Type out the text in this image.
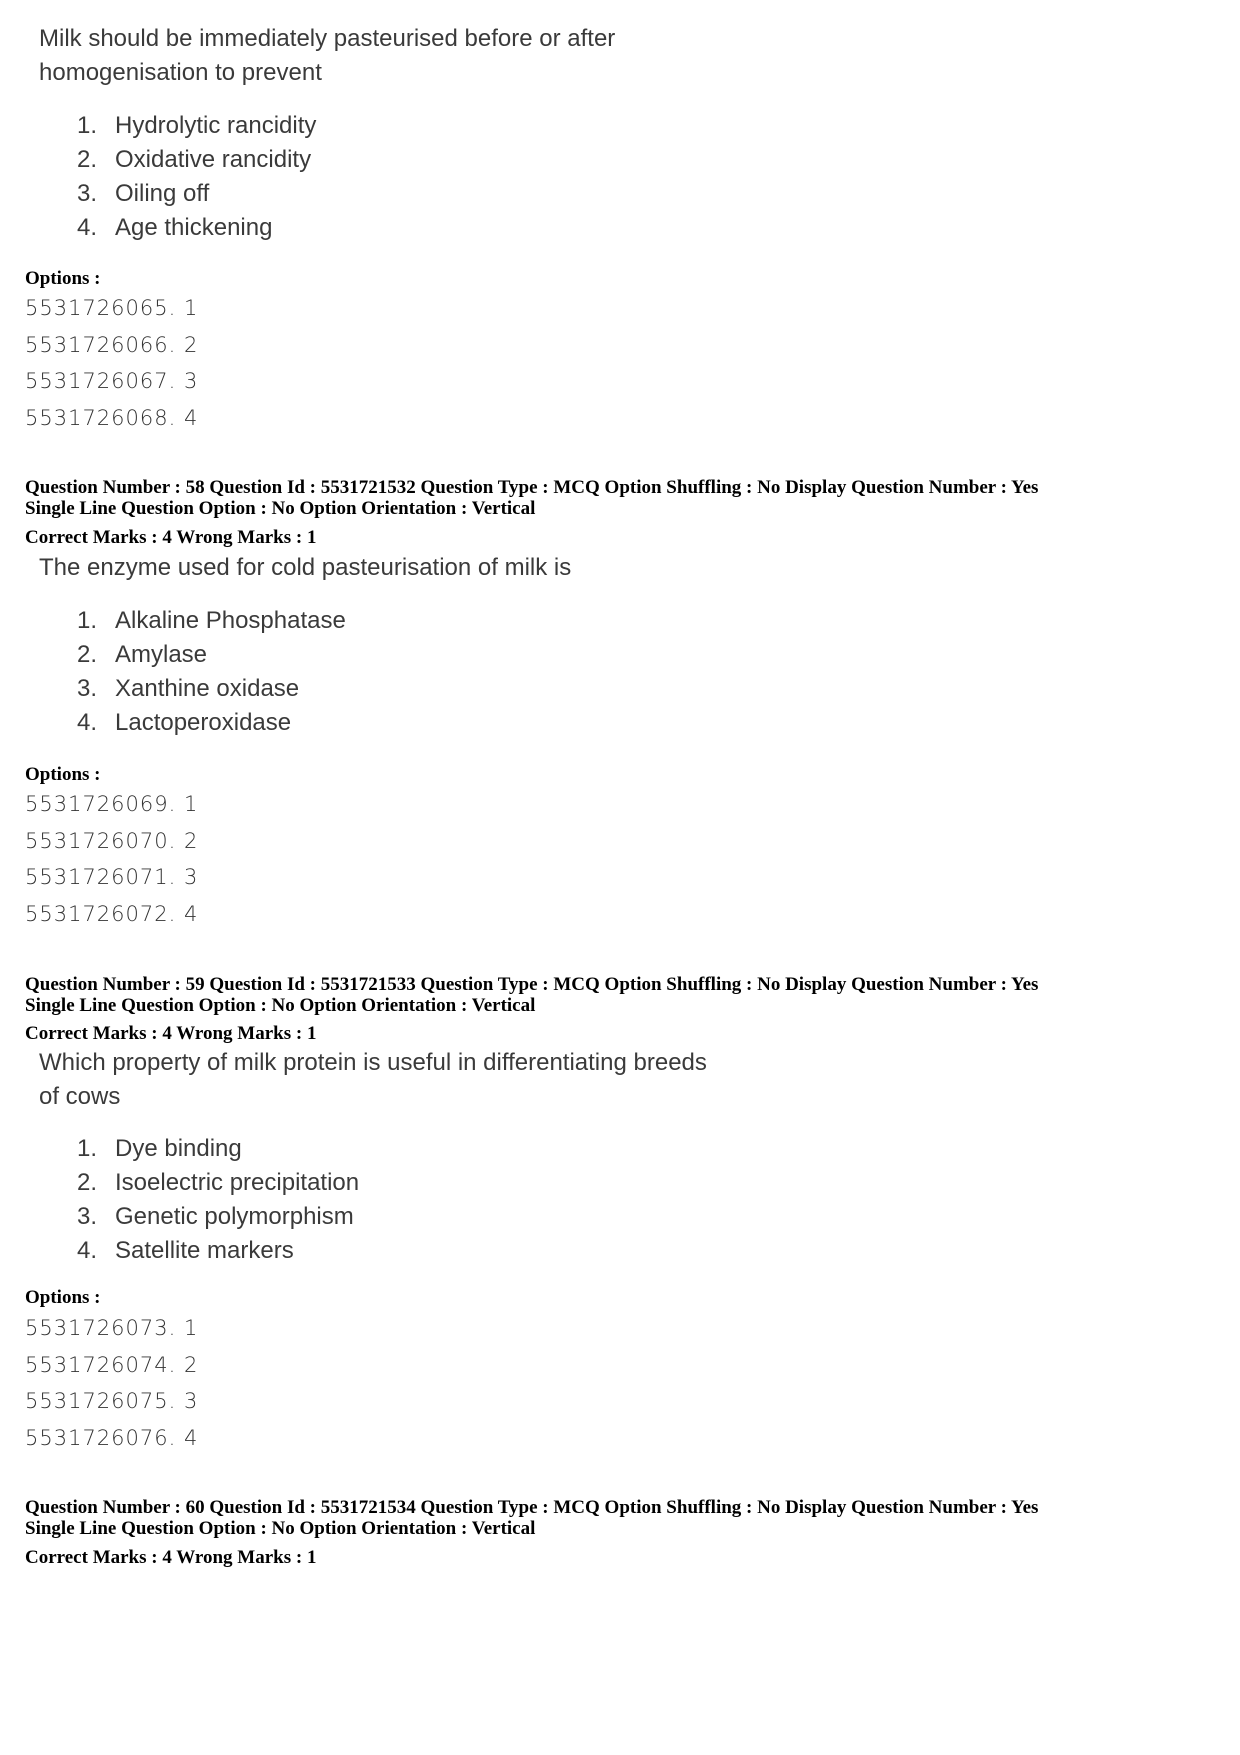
Milk should be immediately pasteurised before or after
homogenisation to prevent
1. Hydrolytic rancidity
2. Oxidative rancidity
3. Oiling off
4. Age thickening
Options :
5531726065. 1
5531726066. 2
5531726067. 3
5531726068. 4
Question Number : 58 Question Id : 5531721532 Question Type : MCQ Option Shuffling : No Display Question Number : Yes
Single Line Question Option : No Option Orientation : Vertical
Correct Marks : 4 Wrong Marks : 1
The enzyme used for cold pasteurisation of milk is
1. Alkaline Phosphatase
2. Amylase
3. Xanthine oxidase
4. Lactoperoxidase
Options :
5531726069. 1
5531726070. 2
5531726071. 3
5531726072. 4
Question Number : 59 Question Id : 5531721533 Question Type : MCQ Option Shuffling : No Display Question Number : Yes
Single Line Question Option : No Option Orientation : Vertical
Correct Marks : 4 Wrong Marks : 1
Which property of milk protein is useful in differentiating breeds
of cows
1. Dye binding
2. Isoelectric precipitation
3. Genetic polymorphism
4. Satellite markers
Options :
5531726073. 1
5531726074. 2
5531726075. 3
5531726076. 4
Question Number : 60 Question Id : 5531721534 Question Type : MCQ Option Shuffling : No Display Question Number : Yes
Single Line Question Option : No Option Orientation : Vertical
Correct Marks : 4 Wrong Marks : 1
